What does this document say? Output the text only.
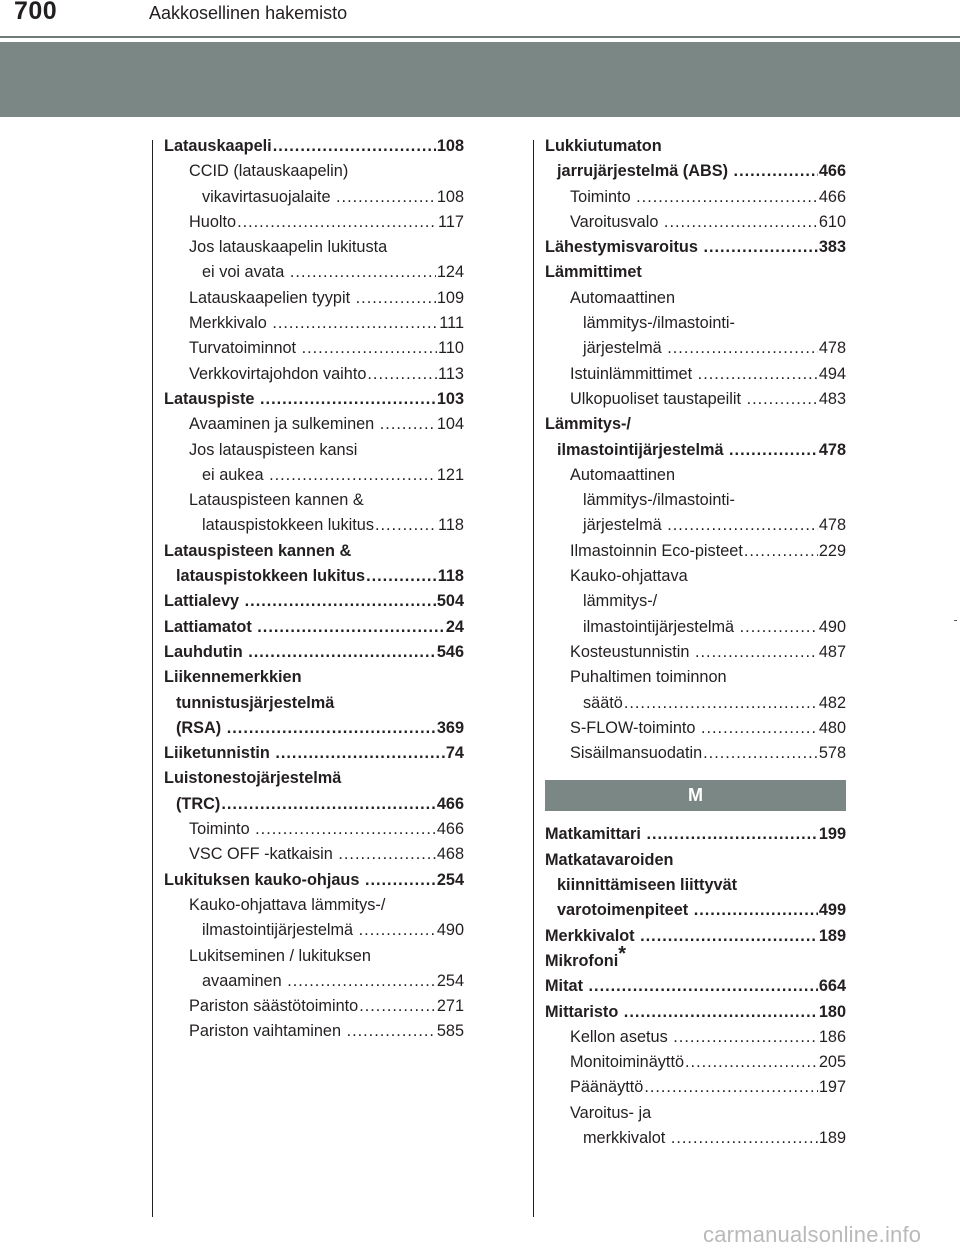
700	Aakkosellinen hakemisto
Latauskaapeli .....	108
CCID (latauskaapelin)
vikavirtasuojalaite .....	108
Huolto .....	117
Jos latauskaapelin lukitusta
ei voi avata .....	124
Latauskaapelien tyypit .....	109
Merkkivalo .....	111
Turvatoiminnot .....	110
Verkkovirtajohdon vaihto .....	113
Latauspiste .....	103
Avaaminen ja sulkeminen .....	104
Jos latauspisteen kansi
ei aukea .....	121
Latauspisteen kannen &
latauspistokkeen lukitus .....	118
Latauspisteen kannen &
latauspistokkeen lukitus .....	118
Lattialevy .....	504
Lattiamatot .....	24
Lauhdutin .....	546
Liikennemerkkien
tunnistusjärjestelmä
(RSA) .....	369
Liiketunnistin .....	74
Luistonestojärjestelmä
(TRC) .....	466
Toiminto .....	466
VSC OFF -katkaisin .....	468
Lukituksen kauko-ohjaus .....	254
Kauko-ohjattava lämmitys-/
ilmastointijärjestelmä .....	490
Lukitseminen / lukituksen
avaaminen .....	254
Pariston säästötoiminto .....	271
Pariston vaihtaminen .....	585
Lukkiutumaton
jarrujärjestelmä (ABS) .....	466
Toiminto .....	466
Varoitusvalo .....	610
Lähestymisvaroitus .....	383
Lämmittimet
Automaattinen
lämmitys-/ilmastointi-
järjestelmä .....	478
Istuinlämmittimet .....	494
Ulkopuoliset taustapeilit .....	483
Lämmitys-/
ilmastointijärjestelmä .....	478
Automaattinen
lämmitys-/ilmastointi-
järjestelmä .....	478
Ilmastoinnin Eco-pisteet .....	229
Kauko-ohjattava
lämmitys-/
ilmastointijärjestelmä .....	490
Kosteustunnistin .....	487
Puhaltimen toiminnon
säätö .....	482
S-FLOW-toiminto .....	480
Sisäilmansuodatin .....	578
M
Matkamittari .....	199
Matkatavaroiden
kiinnittämiseen liittyvät
varotoimenpiteet .....	499
Merkkivalot .....	189
Mikrofoni*
Mitat .....	664
Mittaristo .....	180
Kellon asetus .....	186
Monitoiminäyttö .....	205
Päänäyttö .....	197
Varoitus- ja
merkkivalot .....	189
carmanualsonline.info
